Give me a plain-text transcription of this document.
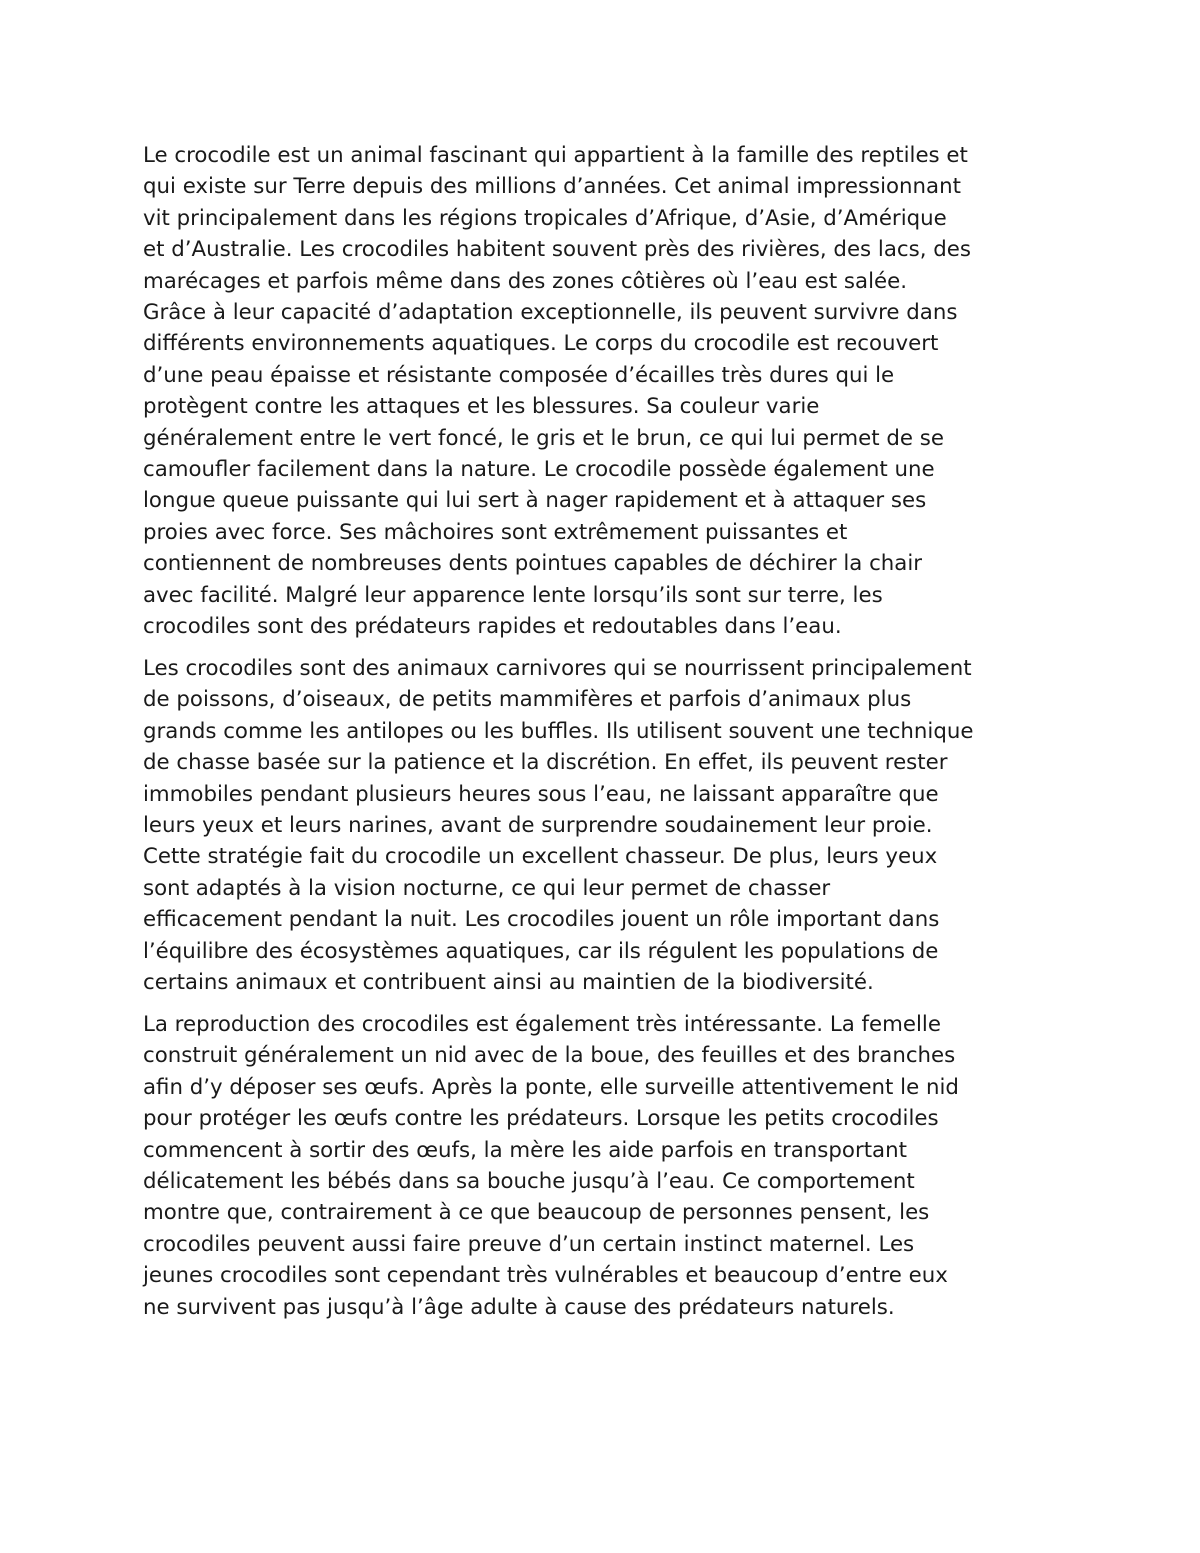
Le crocodile est un animal fascinant qui appartient à la famille des reptiles et
qui existe sur Terre depuis des millions d’années. Cet animal impressionnant
vit principalement dans les régions tropicales d’Afrique, d’Asie, d’Amérique
et d’Australie. Les crocodiles habitent souvent près des rivières, des lacs, des
marécages et parfois même dans des zones côtières où l’eau est salée.
Grâce à leur capacité d’adaptation exceptionnelle, ils peuvent survivre dans
différents environnements aquatiques. Le corps du crocodile est recouvert
d’une peau épaisse et résistante composée d’écailles très dures qui le
protègent contre les attaques et les blessures. Sa couleur varie
généralement entre le vert foncé, le gris et le brun, ce qui lui permet de se
camoufler facilement dans la nature. Le crocodile possède également une
longue queue puissante qui lui sert à nager rapidement et à attaquer ses
proies avec force. Ses mâchoires sont extrêmement puissantes et
contiennent de nombreuses dents pointues capables de déchirer la chair
avec facilité. Malgré leur apparence lente lorsqu’ils sont sur terre, les
crocodiles sont des prédateurs rapides et redoutables dans l’eau.

Les crocodiles sont des animaux carnivores qui se nourrissent principalement
de poissons, d’oiseaux, de petits mammifères et parfois d’animaux plus
grands comme les antilopes ou les buffles. Ils utilisent souvent une technique
de chasse basée sur la patience et la discrétion. En effet, ils peuvent rester
immobiles pendant plusieurs heures sous l’eau, ne laissant apparaître que
leurs yeux et leurs narines, avant de surprendre soudainement leur proie.
Cette stratégie fait du crocodile un excellent chasseur. De plus, leurs yeux
sont adaptés à la vision nocturne, ce qui leur permet de chasser
efficacement pendant la nuit. Les crocodiles jouent un rôle important dans
l’équilibre des écosystèmes aquatiques, car ils régulent les populations de
certains animaux et contribuent ainsi au maintien de la biodiversité.

La reproduction des crocodiles est également très intéressante. La femelle
construit généralement un nid avec de la boue, des feuilles et des branches
afin d’y déposer ses œufs. Après la ponte, elle surveille attentivement le nid
pour protéger les œufs contre les prédateurs. Lorsque les petits crocodiles
commencent à sortir des œufs, la mère les aide parfois en transportant
délicatement les bébés dans sa bouche jusqu’à l’eau. Ce comportement
montre que, contrairement à ce que beaucoup de personnes pensent, les
crocodiles peuvent aussi faire preuve d’un certain instinct maternel. Les
jeunes crocodiles sont cependant très vulnérables et beaucoup d’entre eux
ne survivent pas jusqu’à l’âge adulte à cause des prédateurs naturels.
